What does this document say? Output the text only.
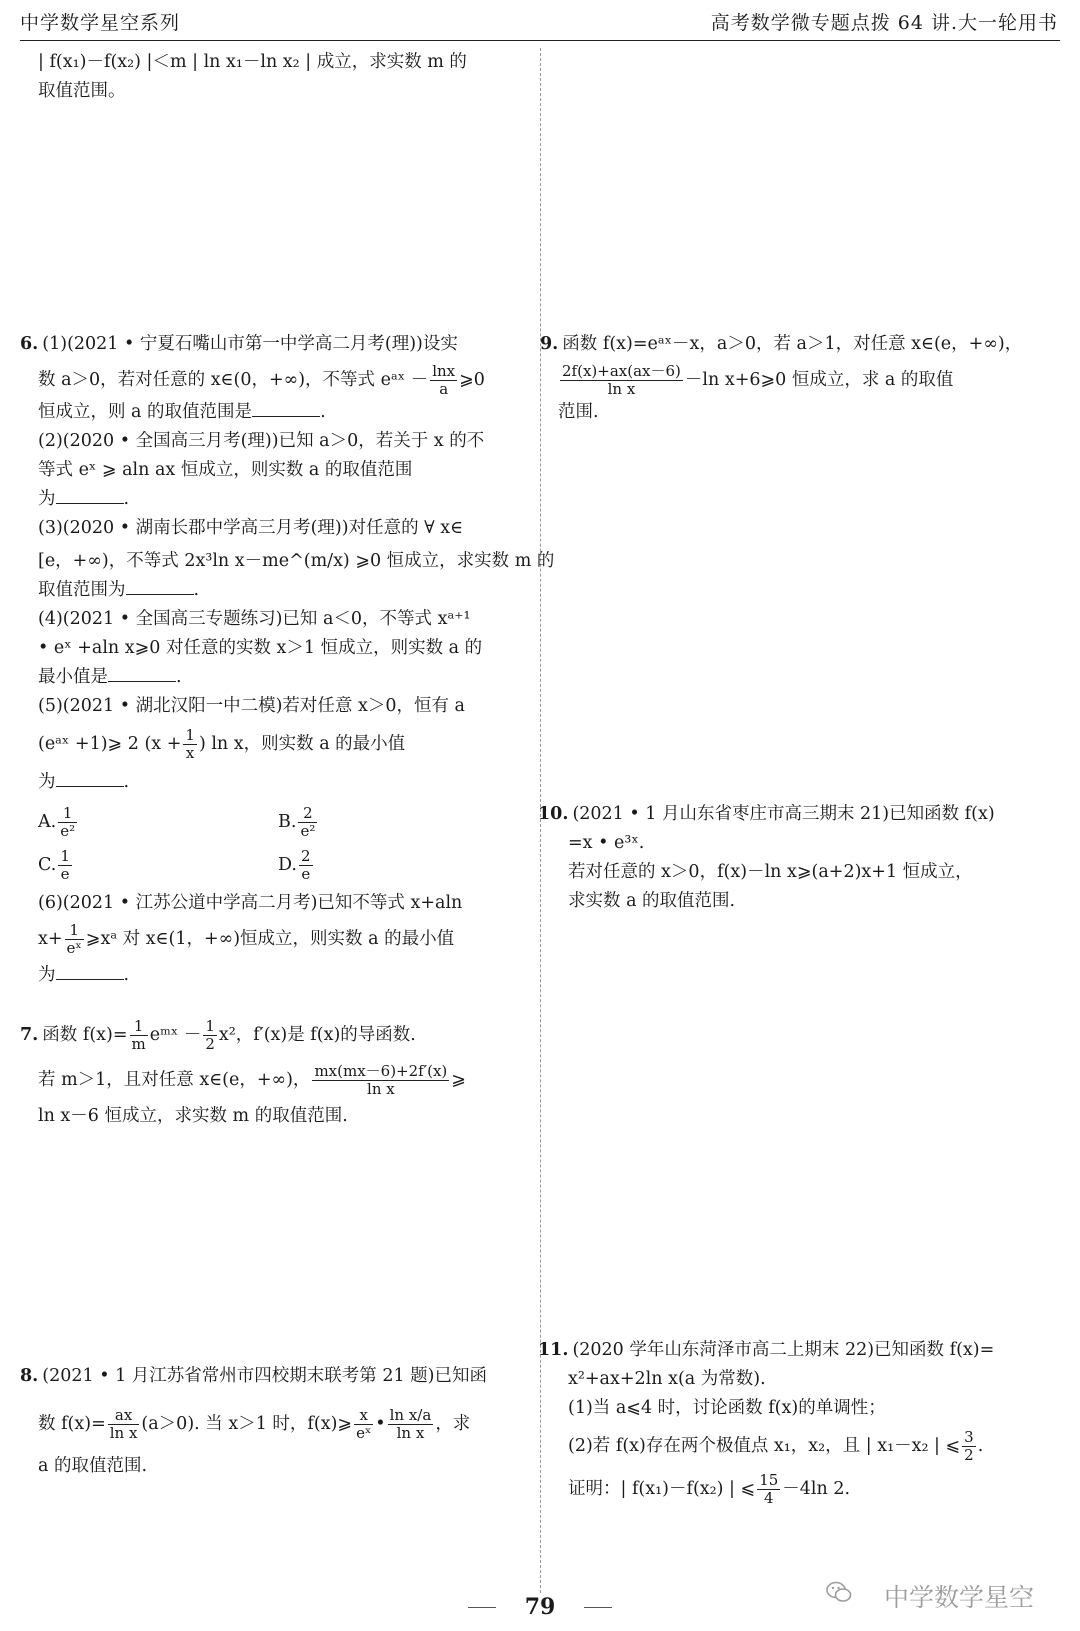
中学数学星空系列	高考数学微专题点拨 64 讲.大一轮用书
| f(x₁)－f(x₂) |＜m | ln x₁－ln x₂ | 成立，求实数 m 的
取值范围。
6. (1)(2021 • 宁夏石嘴山市第一中学高二月考(理))设实
数 a＞0，若对任意的 x∈(0，+∞)，不等式 eᵃˣ － $\frac{\ln x}{a}$ ⩾0
恒成立，则 a 的取值范围是	.
(2)(2020 • 全国高三月考(理))已知 a＞0，若关于 x 的不
等式 eˣ ⩾ aln ax 恒成立，则实数 a 的取值范围
为	.
(3)(2020 • 湖南长郡中学高三月考(理))对任意的 ∀ x∈
[e，+∞)，不等式 2x³ln x－me^(m/x) ⩾0 恒成立，求实数 m 的
取值范围为	.
(4)(2021 • 全国高三专题练习)已知 a＜0，不等式 xᵃ⁺¹
• eˣ +aln x⩾0 对任意的实数 x＞1 恒成立，则实数 a 的
最小值是	.
(5)(2021 • 湖北汉阳一中二模)若对任意 x＞0，恒有 a
(eᵃˣ +1)⩾ 2 ($x + \frac{1}{x}$ ) ln x，则实数 a 的最小值
为	.
A. $\frac{1}{\text{e²}}$	B. $\frac{2}{\text{e²}}$
C. $\frac{1}{e}$	D. $\frac{2}{e}$
(6)(2021 • 江苏公道中学高二月考)已知不等式 x+aln
$x+ \frac{1}{\text{eˣ}}$ ⩾xᵃ 对 x∈(1，+∞)恒成立，则实数 a 的最小值
为	.
7. 函数 $f(x)= \frac{1}{m}$ eᵐˣ － $\frac{1}{2} x^2$，f′(x)是 f(x)的导函数.
若 m＞1，且对任意 x∈(e，+∞)， $\frac{mx(mx-6)+2f'(x)}{\text{ln x}}$ ⩾
ln x－6 恒成立，求实数 m 的取值范围.
8. (2021 • 1 月江苏省常州市四校期末联考第 21 题)已知函
数 $f(x)= \frac{ax}{\text{ln x}} (a>0)$. 当 x＞1 时，f(x)⩾ $\frac{x}{\text{eˣ}}$ • $\frac{\text{ln x/a}}{\text{ln x}}$ ，求
a 的取值范围.
9. 函数 f(x)=eᵃˣ－x，a＞0，若 a＞1，对任意 x∈(e，+∞)，
$\frac{2f(x)+ax(ax-6)}{\text{ln x}} -\ln$ x+6⩾0 恒成立，求 a 的取值
范围.
10. (2021 • 1 月山东省枣庄市高三期末 21)已知函数 f(x)
=x • e³ˣ.
若对任意的 x＞0，f(x)－ln x⩾(a+2)x+1 恒成立，
求实数 a 的取值范围.
11. (2020 学年山东菏泽市高二上期末 22)已知函数 f(x)=
x²+ax+2ln x(a 为常数).
(1)当 a⩽4 时，讨论函数 f(x)的单调性；
(2)若 f(x)存在两个极值点 x₁，x₂，且 | x₁－x₂ | ⩽ $\frac{3}{2}$ .
证明：| f(x₁)－f(x₂) | ⩽ $\frac{15}{4} -4\ln$ 2.
79	中学数学星空
